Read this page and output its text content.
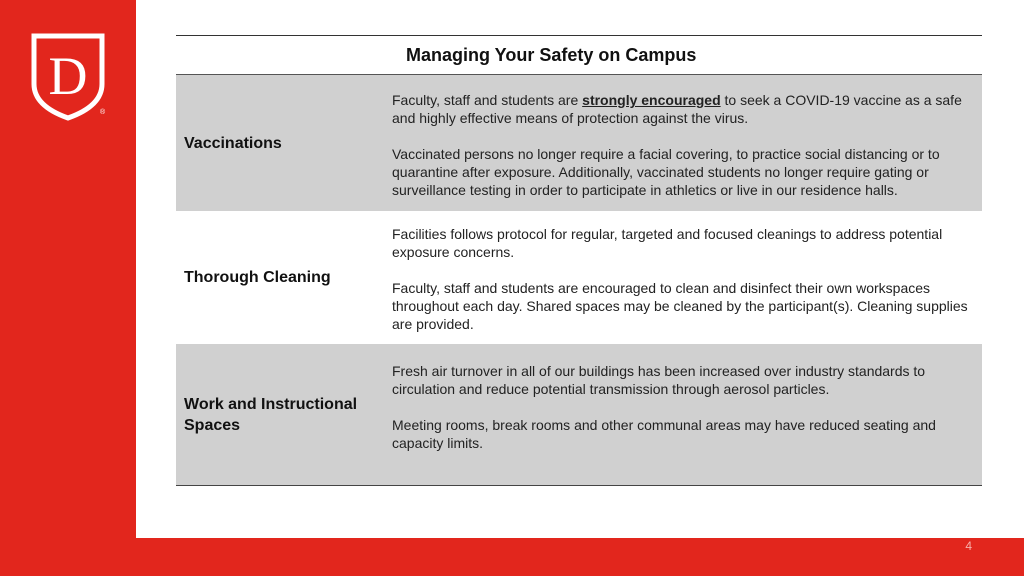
D
®
Managing Your Safety on Campus
Vaccinations

Faculty, staff and students are strongly encouraged to seek a COVID-19 vaccine as a safe and highly effective means of protection against the virus.

Vaccinated persons no longer require a facial covering, to practice social distancing or to quarantine after exposure. Additionally, vaccinated students no longer require gating or surveillance testing in order to participate in athletics or live in our residence halls.

Thorough Cleaning

Facilities follows protocol for regular, targeted and focused cleanings to address potential exposure concerns.

Faculty, staff and students are encouraged to clean and disinfect their own workspaces throughout each day. Shared spaces may be cleaned by the participant(s). Cleaning supplies are provided.

Work and Instructional Spaces

Fresh air turnover in all of our buildings has been increased over industry standards to circulation and reduce potential transmission through aerosol particles.

Meeting rooms, break rooms and other communal areas may have reduced seating and capacity limits.

4
